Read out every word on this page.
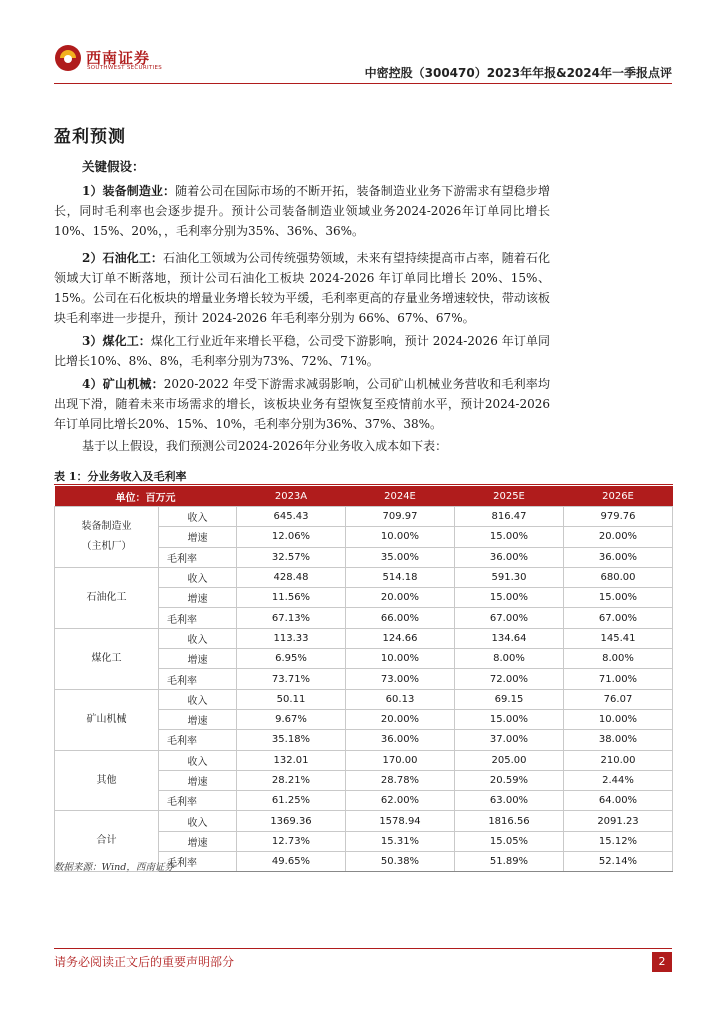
西南证券
SOUTHWEST SECURITIES	中密控股（300470）2023年年报&2024年一季报点评
盈利预测
关键假设：
1）装备制造业：随着公司在国际市场的不断开拓，装备制造业业务下游需求有望稳步增长，同时毛利率也会逐步提升。预计公司装备制造业领域业务2024-2026年订单同比增长10%、15%、20%，，毛利率分别为35%、36%、36%。
2）石油化工：石油化工领域为公司传统强势领域，未来有望持续提高市占率，随着石化领域大订单不断落地，预计公司石油化工板块 2024-2026 年订单同比增长 20%、15%、15%。公司在石化板块的增量业务增长较为平缓，毛利率更高的存量业务增速较快，带动该板块毛利率进一步提升，预计 2024-2026 年毛利率分别为 66%、67%、67%。
3）煤化工：煤化工行业近年来增长平稳，公司受下游影响，预计 2024-2026 年订单同比增长10%、8%、8%，毛利率分别为73%、72%、71%。
4）矿山机械：2020-2022 年受下游需求减弱影响，公司矿山机械业务营收和毛利率均出现下滑，随着未来市场需求的增长，该板块业务有望恢复至疫情前水平，预计2024-2026年订单同比增长20%、15%、10%，毛利率分别为36%、37%、38%。
基于以上假设，我们预测公司2024-2026年分业务收入成本如下表：
表 1：分业务收入及毛利率
单位：百万元		2023A	2024E	2025E	2026E

装备制造业
（主机厂）	收入	645.43	709.97	816.47	979.76
	增速	12.06%	10.00%	15.00%	20.00%
	毛利率	32.57%	35.00%	36.00%	36.00%

石油化工	收入	428.48	514.18	591.30	680.00
	增速	11.56%	20.00%	15.00%	15.00%
	毛利率	67.13%	66.00%	67.00%	67.00%

煤化工	收入	113.33	124.66	134.64	145.41
	增速	6.95%	10.00%	8.00%	8.00%
	毛利率	73.71%	73.00%	72.00%	71.00%

矿山机械	收入	50.11	60.13	69.15	76.07
	增速	9.67%	20.00%	15.00%	10.00%
	毛利率	35.18%	36.00%	37.00%	38.00%

其他	收入	132.01	170.00	205.00	210.00
	增速	28.21%	28.78%	20.59%	2.44%
	毛利率	61.25%	62.00%	63.00%	64.00%

合计	收入	1369.36	1578.94	1816.56	2091.23
	增速	12.73%	15.31%	15.05%	15.12%
	毛利率	49.65%	50.38%	51.89%	52.14%
数据来源：Wind，西南证券
请务必阅读正文后的重要声明部分	2
